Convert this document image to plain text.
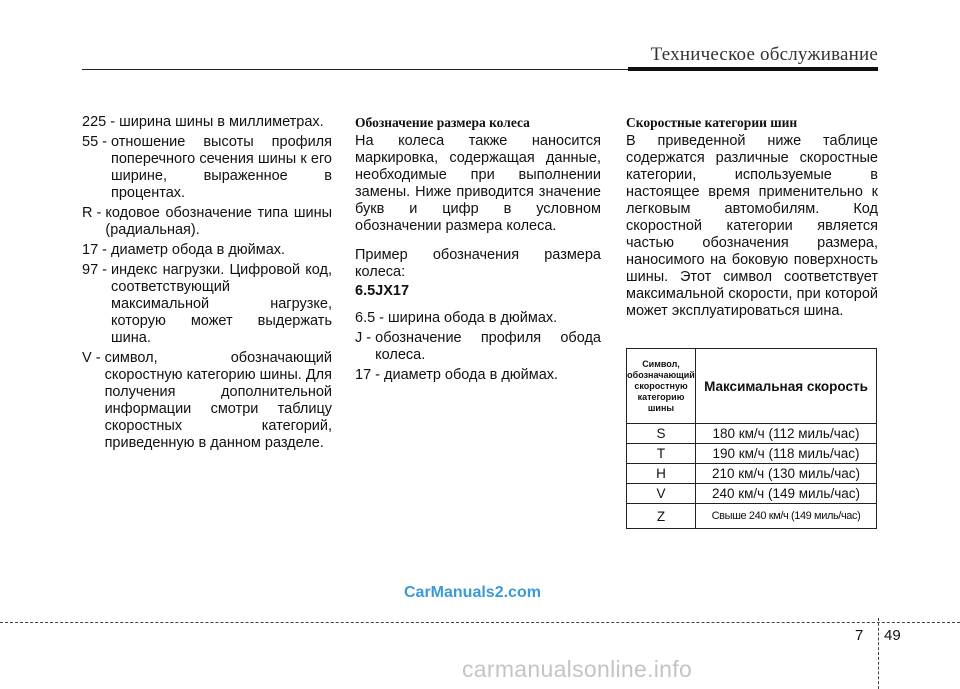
Техническое обслуживание
225 - ширина шины в миллиметрах.
55 - отношение высоты профиля поперечного сечения шины к его ширине, выраженное в процентах.
R - кодовое обозначение типа шины (радиальная).
17 - диаметр обода в дюймах.
97 - индекс нагрузки. Цифровой код, соответствующий максимальной нагрузке, которую может выдержать шина.
V - символ, обозначающий скоростную категорию шины. Для получения дополнительной информации смотри таблицу скоростных категорий, приведенную в данном разделе.
Обозначение размера колеса

На колеса также наносится маркировка, содержащая данные, необходимые при выполнении замены. Ниже приводится значение букв и цифр в условном обозначении размера колеса.

Пример обозначения размера колеса:

6.5JX17

6.5 - ширина обода в дюймах.
J - обозначение профиля обода колеса.
17 - диаметр обода в дюймах.
Скоростные категории шин

В приведенной ниже таблице содержатся различные скоростные категории, используемые в настоящее время применительно к легковым автомобилям. Код скоростной категории является частью обозначения размера, наносимого на боковую поверхность шины. Этот символ соответствует максимальной скорости, при которой может эксплуатироваться шина.

Символ, обозначающий скоростную категорию шины	Максимальная скорость
S	180 км/ч (112 миль/час)
T	190 км/ч (118 миль/час)
H	210 км/ч (130 миль/час)
V	240 км/ч (149 миль/час)
Z	Свыше 240 км/ч (149 миль/час)
CarManuals2.com
7 49
carmanualsonline.info
